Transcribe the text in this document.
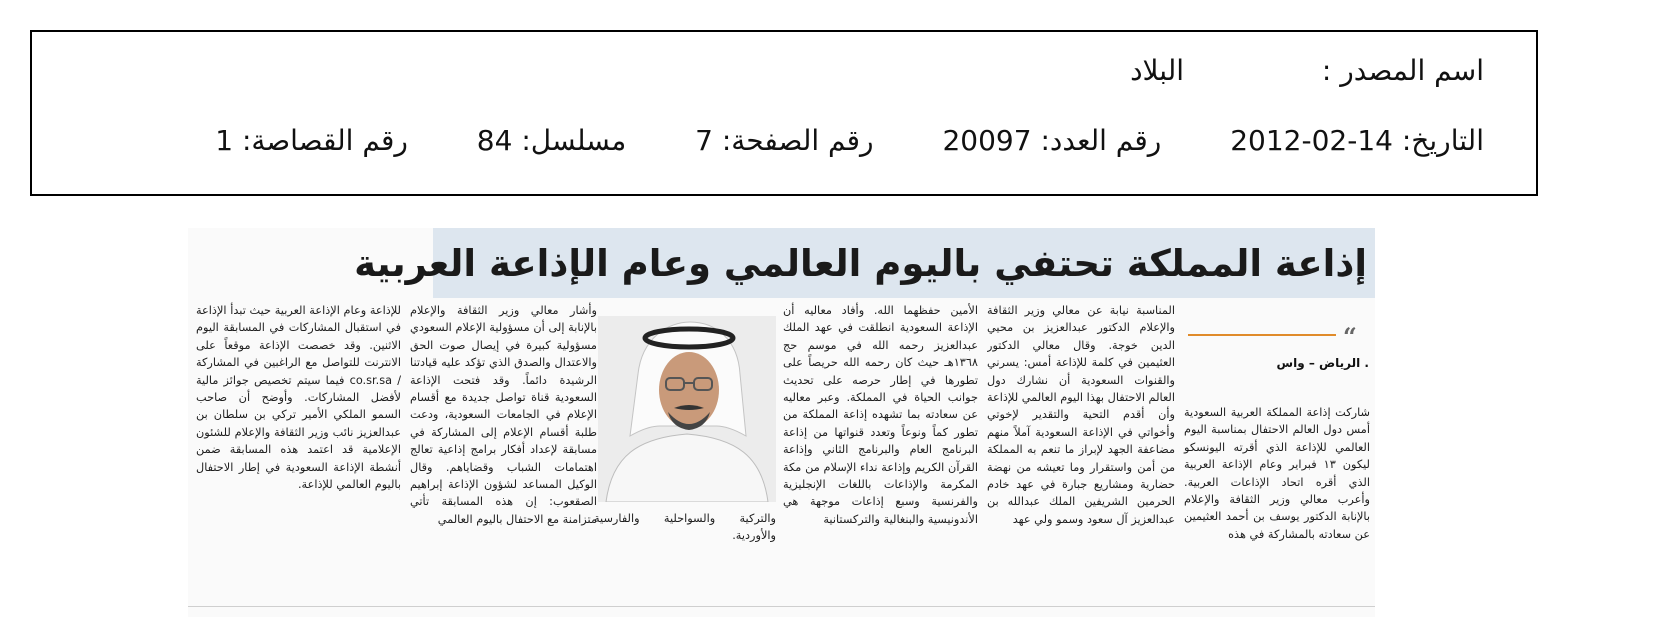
اسم المصدر :البلاد
التاريخ: 2012-02-14 رقم العدد: 20097 رقم الصفحة: 7 مسلسل: 84 رقم القصاصة: 1
إذاعة المملكة تحتفي باليوم العالمي وعام الإذاعة العربية
“
. الرياض – واس

شاركت إذاعة المملكة العربية السعودية أمس دول العالم الاحتفال بمناسبة اليوم العالمي للإذاعة الذي أقرته اليونسكو ليكون ١٣ فبراير وعام الإذاعة العربية الذي أقره اتحاد الإذاعات العربية. وأعرب معالي وزير الثقافة والإعلام بالإنابة الدكتور يوسف بن أحمد العثيمين عن سعادته بالمشاركة في هذه

المناسبة نيابة عن معالي وزير الثقافة والإعلام الدكتور عبدالعزيز بن محيي الدين خوجة. وقال معالي الدكتور العثيمين في كلمة للإذاعة أمس: يسرني والقنوات السعودية أن نشارك دول العالم الاحتفال بهذا اليوم العالمي للإذاعة وأن أقدم التحية والتقدير لإخوتي وأخواتي في الإذاعة السعودية آملاً منهم مضاعفة الجهد لإبراز ما تنعم به المملكة من أمن واستقرار وما تعيشه من نهضة حضارية ومشاريع جبارة في عهد خادم الحرمين الشريفين الملك عبدالله بن عبدالعزيز آل سعود وسمو ولي عهد

الأمين حفظهما الله. وأفاد معاليه أن الإذاعة السعودية انطلقت في عهد الملك عبدالعزيز رحمه الله في موسم حج ١٣٦٨هـ حيث كان رحمه الله حريصاً على تطورها في إطار حرصه على تحديث جوانب الحياة في المملكة. وعبر معاليه عن سعادته بما تشهده إذاعة المملكة من تطور كماً ونوعاً وتعدد قنواتها من إذاعة البرنامج العام والبرنامج الثاني وإذاعة القرآن الكريم وإذاعة نداء الإسلام من مكة المكرمة والإذاعات باللغات الإنجليزية والفرنسية وسبع إذاعات موجهة هي الأندونيسية والبنغالية والتركستانية

والتركية والسواحلية والفارسية والأوردية.

وأشار معالي وزير الثقافة والإعلام بالإنابة إلى أن مسؤولية الإعلام السعودي مسؤولية كبيرة في إيصال صوت الحق والاعتدال والصدق الذي تؤكد عليه قيادتنا الرشيدة دائماً. وقد فتحت الإذاعة السعودية قناة تواصل جديدة مع أقسام الإعلام في الجامعات السعودية، ودعت طلبة أقسام الإعلام إلى المشاركة في مسابقة لإعداد أفكار برامج إذاعية تعالج اهتمامات الشباب وقضاياهم. وقال الوكيل المساعد لشؤون الإذاعة إبراهيم الصقعوب: إن هذه المسابقة تأتي متزامنة مع الاحتفال باليوم العالمي

للإذاعة وعام الإذاعة العربية حيث تبدأ الإذاعة في استقبال المشاركات في المسابقة اليوم الاثنين. وقد خصصت الإذاعة موقعاً على الانترنت للتواصل مع الراغبين في المشاركة / co.sr.sa فيما سيتم تخصيص جوائز مالية لأفضل المشاركات. وأوضح أن صاحب السمو الملكي الأمير تركي بن سلطان بن عبدالعزيز نائب وزير الثقافة والإعلام للشئون الإعلامية قد اعتمد هذه المسابقة ضمن أنشطة الإذاعة السعودية في إطار الاحتفال باليوم العالمي للإذاعة.
